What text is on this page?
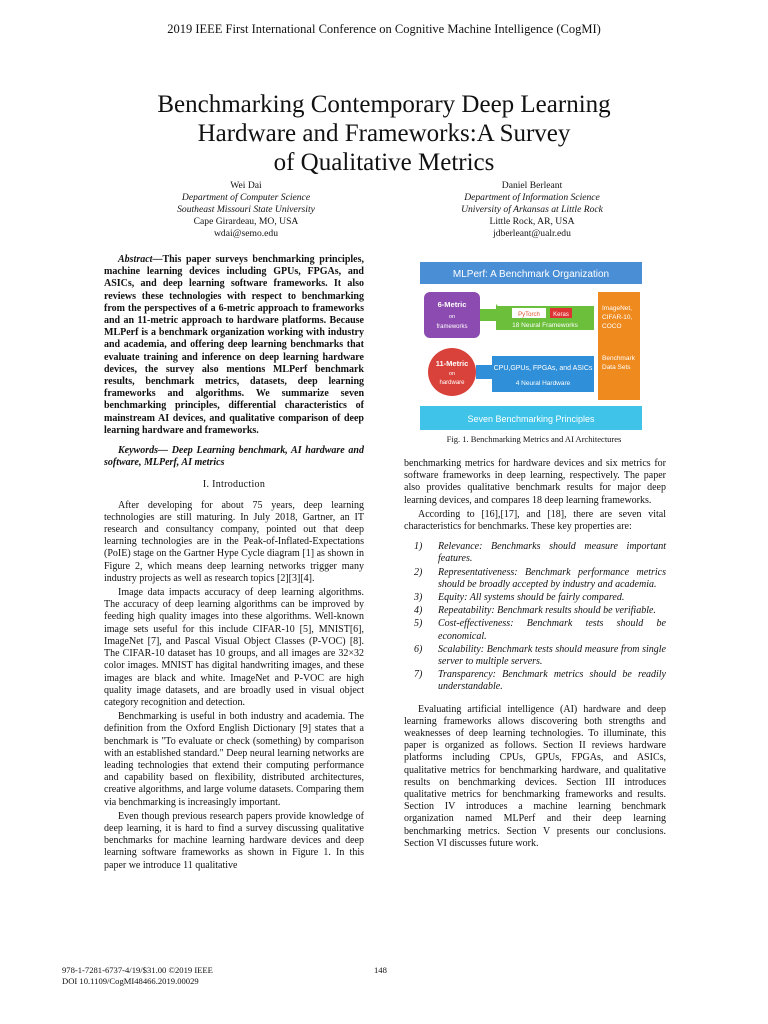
2019 IEEE First International Conference on Cognitive Machine Intelligence (CogMI)
Benchmarking Contemporary Deep Learning
Hardware and Frameworks:A Survey
of Qualitative Metrics
Wei Dai
Department of Computer Science
Southeast Missouri State University
Cape Girardeau, MO, USA
wdai@semo.edu
Daniel Berleant
Department of Information Science
University of Arkansas at Little Rock
Little Rock, AR, USA
jdberleant@ualr.edu

Abstract—This paper surveys benchmarking principles, machine learning devices including GPUs, FPGAs, and ASICs, and deep learning software frameworks. It also reviews these technologies with respect to benchmarking from the perspectives of a 6-metric approach to frameworks and an 11-metric approach to hardware platforms. Because MLPerf is a benchmark organization working with industry and academia, and offering deep learning benchmarks that evaluate training and inference on deep learning hardware devices, the survey also mentions MLPerf benchmark results, benchmark metrics, datasets, deep learning frameworks and algorithms. We summarize seven benchmarking principles, differential characteristics of mainstream AI devices, and qualitative comparison of deep learning hardware and frameworks.

Keywords— Deep Learning benchmark, AI hardware and software, MLPerf, AI metrics

I. Introduction

After developing for about 75 years, deep learning technologies are still maturing. In July 2018, Gartner, an IT research and consultancy company, pointed out that deep learning technologies are in the Peak-of-Inflated-Expectations (PoIE) stage on the Gartner Hype Cycle diagram [1] as shown in Figure 2, which means deep learning networks trigger many industry projects as well as research topics [2][3][4].

Image data impacts accuracy of deep learning algorithms. The accuracy of deep learning algorithms can be improved by feeding high quality images into these algorithms. Well-known image sets useful for this include CIFAR-10 [5], MNIST[6], ImageNet [7], and Pascal Visual Object Classes (P-VOC) [8]. The CIFAR-10 dataset has 10 groups, and all images are 32×32 color images. MNIST has digital handwriting images, and these images are black and white. ImageNet and P-VOC are high quality image datasets, and are broadly used in visual object category recognition and detection.

Benchmarking is useful in both industry and academia. The definition from the Oxford English Dictionary [9] states that a benchmark is "To evaluate or check (something) by comparison with an established standard." Deep neural learning networks are leading technologies that extend their computing performance and capability based on flexibility, distributed architectures, creative algorithms, and large volume datasets. Comparing them via benchmarking is increasingly important.

Even though previous research papers provide knowledge of deep learning, it is hard to find a survey discussing qualitative benchmarks for machine learning hardware devices and deep learning software frameworks as shown in Figure 1. In this paper we introduce 11 qualitative

MLPerf: A Benchmark Organization
6-Metric
on
frameworks
PyTorch Keras
18 Neural Frameworks
ImageNet,
CIFAR-10,
COCO
Benchmark
Data Sets
11-Metric
on
hardware
CPU,GPUs, FPGAs, and ASICs
4 Neural Hardware
Seven Benchmarking Principles
Fig. 1. Benchmarking Metrics and AI Architectures

benchmarking metrics for hardware devices and six metrics for software frameworks in deep learning, respectively. The paper also provides qualitative benchmark results for major deep learning devices, and compares 18 deep learning frameworks.

According to [16],[17], and [18], there are seven vital characteristics for benchmarks. These key properties are:

1) Relevance: Benchmarks should measure important features.
2) Representativeness: Benchmark performance metrics should be broadly accepted by industry and academia.
3) Equity: All systems should be fairly compared.
4) Repeatability: Benchmark results should be verifiable.
5) Cost-effectiveness: Benchmark tests should be economical.
6) Scalability: Benchmark tests should measure from single server to multiple servers.
7) Transparency: Benchmark metrics should be readily understandable.

Evaluating artificial intelligence (AI) hardware and deep learning frameworks allows discovering both strengths and weaknesses of deep learning technologies. To illuminate, this paper is organized as follows. Section II reviews hardware platforms including CPUs, GPUs, FPGAs, and ASICs, qualitative metrics for benchmarking hardware, and qualitative results on benchmarking devices. Section III introduces qualitative metrics for benchmarking frameworks and results. Section IV introduces a machine learning benchmark organization named MLPerf and their deep learning benchmarking metrics. Section V presents our conclusions. Section VI discusses future work.

978-1-7281-6737-4/19/$31.00 ©2019 IEEE
DOI 10.1109/CogMI48466.2019.00029
148
